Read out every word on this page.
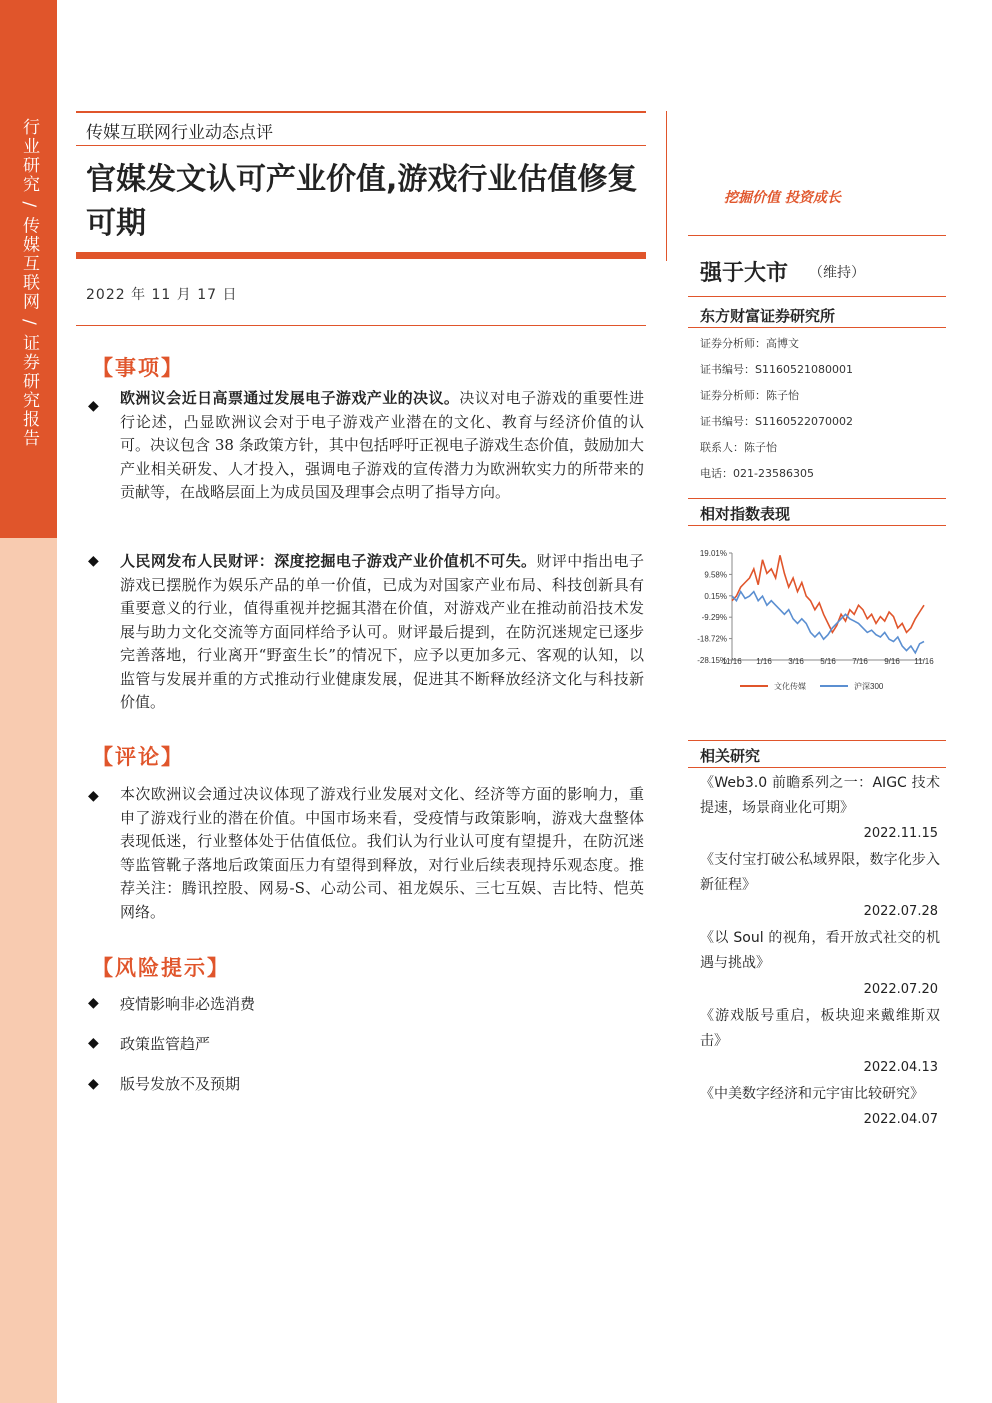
行业研究 / 传媒互联网 / 证券研究报告	传媒互联网行业动态点评
官媒发文认可产业价值,游戏行业估值修复可期
2022 年 11 月 17 日
【事项】
◆ 欧洲议会近日高票通过发展电子游戏产业的决议。决议对电子游戏的重要性进行论述，凸显欧洲议会对于电子游戏产业潜在的文化、教育与经济价值的认可。决议包含 38 条政策方针，其中包括呼吁正视电子游戏生态价值，鼓励加大产业相关研发、人才投入，强调电子游戏的宣传潜力为欧洲软实力的所带来的贡献等，在战略层面上为成员国及理事会点明了指导方向。
◆ 人民网发布人民财评：深度挖掘电子游戏产业价值机不可失。财评中指出电子游戏已摆脱作为娱乐产品的单一价值，已成为对国家产业布局、科技创新具有重要意义的行业，值得重视并挖掘其潜在价值，对游戏产业在推动前沿技术发展与助力文化交流等方面同样给予认可。财评最后提到，在防沉迷规定已逐步完善落地，行业离开“野蛮生长”的情况下，应予以更加多元、客观的认知，以监管与发展并重的方式推动行业健康发展，促进其不断释放经济文化与科技新价值。
【评论】
◆ 本次欧洲议会通过决议体现了游戏行业发展对文化、经济等方面的影响力，重申了游戏行业的潜在价值。中国市场来看，受疫情与政策影响，游戏大盘整体表现低迷，行业整体处于估值低位。我们认为行业认可度有望提升，在防沉迷等监管靴子落地后政策面压力有望得到释放，对行业后续表现持乐观态度。推荐关注：腾讯控股、网易-S、心动公司、祖龙娱乐、三七互娱、吉比特、恺英网络。
【风险提示】
◆ 疫情影响非必选消费
◆ 政策监管趋严
◆ 版号发放不及预期
挖掘价值 投资成长
强于大市 （维持）
东方财富证券研究所
证券分析师：高博文
证书编号：S1160521080001
证券分析师：陈子怡
证书编号：S1160522070002
联系人：陈子怡
电话：021-23586305
相对指数表现
19.01%
9.58%
0.15%
-9.29%
-18.72%
-28.15%
11/16 1/16 3/16 5/16 7/16 9/16 11/16
文化传媒	沪深300
相关研究
《Web3.0 前瞻系列之一：AIGC 技术提速，场景商业化可期》
2022.11.15
《支付宝打破公私域界限，数字化步入新征程》
2022.07.28
《以 Soul 的视角，看开放式社交的机遇与挑战》
2022.07.20
《游戏版号重启，板块迎来戴维斯双击》
2022.04.13
《中美数字经济和元宇宙比较研究》
2022.04.07
